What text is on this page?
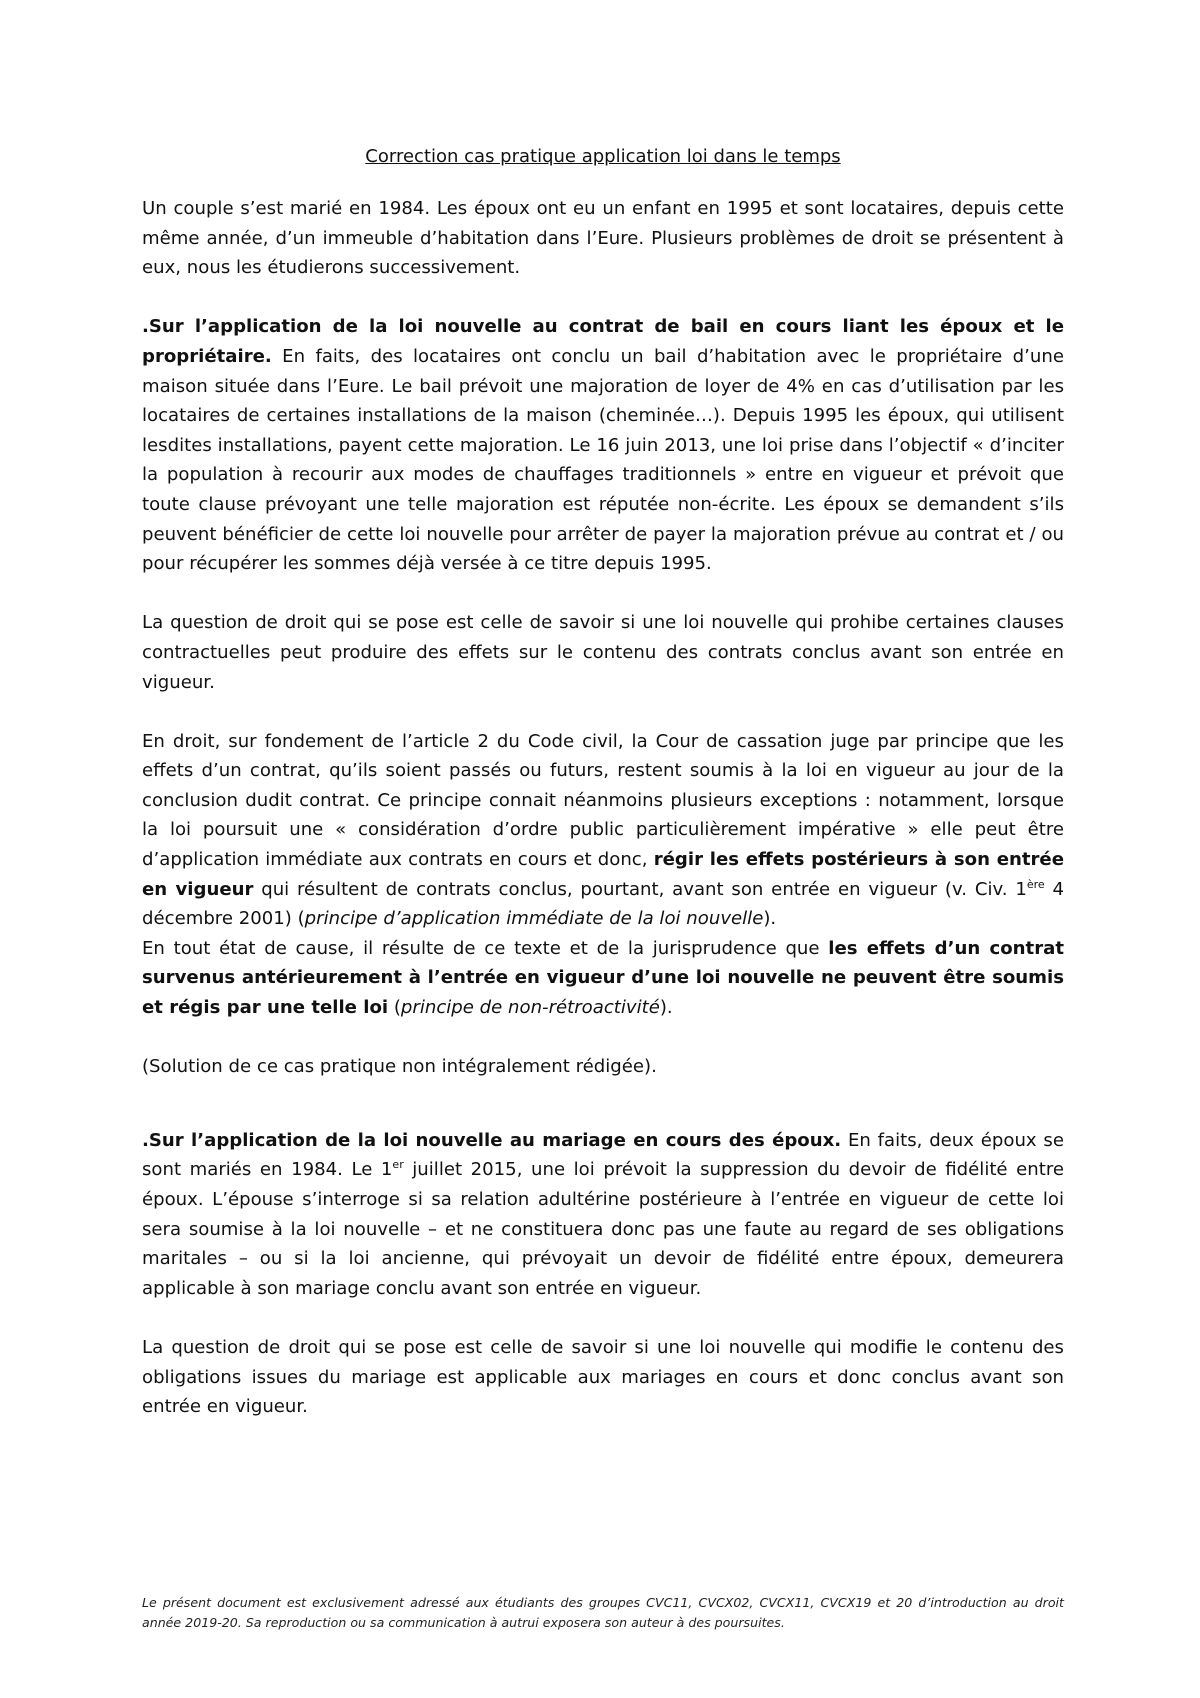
Correction cas pratique application loi dans le temps

Un couple s’est marié en 1984. Les époux ont eu un enfant en 1995 et sont locataires, depuis cette même année, d’un immeuble d’habitation dans l’Eure. Plusieurs problèmes de droit se présentent à eux, nous les étudierons successivement.

.Sur l’application de la loi nouvelle au contrat de bail en cours liant les époux et le propriétaire. En faits, des locataires ont conclu un bail d’habitation avec le propriétaire d’une maison située dans l’Eure. Le bail prévoit une majoration de loyer de 4% en cas d’utilisation par les locataires de certaines installations de la maison (cheminée…). Depuis 1995 les époux, qui utilisent lesdites installations, payent cette majoration. Le 16 juin 2013, une loi prise dans l’objectif « d’inciter la population à recourir aux modes de chauffages traditionnels » entre en vigueur et prévoit que toute clause prévoyant une telle majoration est réputée non-écrite. Les époux se demandent s’ils peuvent bénéficier de cette loi nouvelle pour arrêter de payer la majoration prévue au contrat et / ou pour récupérer les sommes déjà versée à ce titre depuis 1995.

La question de droit qui se pose est celle de savoir si une loi nouvelle qui prohibe certaines clauses contractuelles peut produire des effets sur le contenu des contrats conclus avant son entrée en vigueur.

En droit, sur fondement de l’article 2 du Code civil, la Cour de cassation juge par principe que les effets d’un contrat, qu’ils soient passés ou futurs, restent soumis à la loi en vigueur au jour de la conclusion dudit contrat. Ce principe connait néanmoins plusieurs exceptions : notamment, lorsque la loi poursuit une « considération d’ordre public particulièrement impérative » elle peut être d’application immédiate aux contrats en cours et donc, régir les effets postérieurs à son entrée en vigueur qui résultent de contrats conclus, pourtant, avant son entrée en vigueur (v. Civ. 1ère 4 décembre 2001) (principe d’application immédiate de la loi nouvelle).

En tout état de cause, il résulte de ce texte et de la jurisprudence que les effets d’un contrat survenus antérieurement à l’entrée en vigueur d’une loi nouvelle ne peuvent être soumis et régis par une telle loi (principe de non-rétroactivité).

(Solution de ce cas pratique non intégralement rédigée).

.Sur l’application de la loi nouvelle au mariage en cours des époux. En faits, deux époux se sont mariés en 1984. Le 1er juillet 2015, une loi prévoit la suppression du devoir de fidélité entre époux. L’épouse s’interroge si sa relation adultérine postérieure à l’entrée en vigueur de cette loi sera soumise à la loi nouvelle – et ne constituera donc pas une faute au regard de ses obligations maritales – ou si la loi ancienne, qui prévoyait un devoir de fidélité entre époux, demeurera applicable à son mariage conclu avant son entrée en vigueur.

La question de droit qui se pose est celle de savoir si une loi nouvelle qui modifie le contenu des obligations issues du mariage est applicable aux mariages en cours et donc conclus avant son entrée en vigueur.

Le présent document est exclusivement adressé aux étudiants des groupes CVC11, CVCX02, CVCX11, CVCX19 et 20 d’introduction au droit année 2019-20. Sa reproduction ou sa communication à autrui exposera son auteur à des poursuites.
